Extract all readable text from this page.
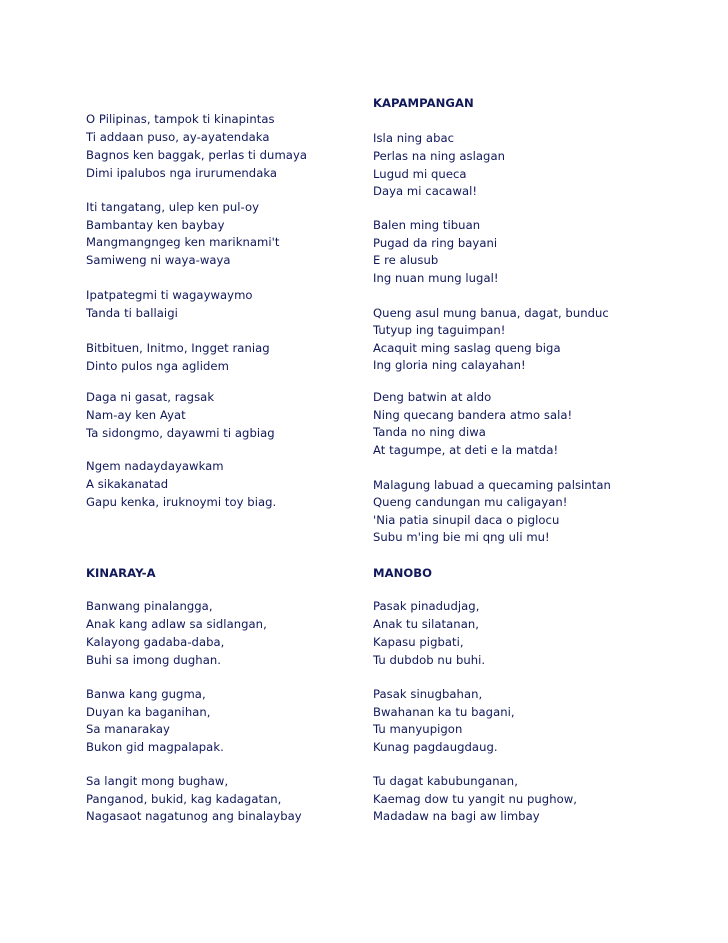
O Pilipinas, tampok ti kinapintas
Ti addaan puso, ay-ayatendaka
Bagnos ken baggak, perlas ti dumaya
Dimi ipalubos nga irurumendaka
Iti tangatang, ulep ken pul-oy
Bambantay ken baybay
Mangmangngeg ken mariknami't
Samiweng ni waya-waya
Ipatpategmi ti wagaywaymo
Tanda ti ballaigi
Bitbituen, Initmo, Ingget raniag
Dinto pulos nga aglidem
Daga ni gasat, ragsak
Nam-ay ken Ayat
Ta sidongmo, dayawmi ti agbiag
Ngem nadaydayawkam
A sikakanatad
Gapu kenka, iruknoymi toy biag.
KAPAMPANGAN
Isla ning abac
Perlas na ning aslagan
Lugud mi queca
Daya mi cacawal!
Balen ming tibuan
Pugad da ring bayani
E re alusub
Ing nuan mung lugal!
Queng asul mung banua, dagat, bunduc
Tutyup ing taguimpan!
Acaquit ming saslag queng biga
Ing gloria ning calayahan!
Deng batwin at aldo
Ning quecang bandera atmo sala!
Tanda no ning diwa
At tagumpe, at deti e la matda!
Malagung labuad a quecaming palsintan
Queng candungan mu caligayan!
'Nia patia sinupil daca o piglocu
Subu m'ing bie mi qng uli mu!
KINARAY-A
Banwang pinalangga,
Anak kang adlaw sa sidlangan,
Kalayong gadaba-daba,
Buhi sa imong dughan.
Banwa kang gugma,
Duyan ka baganihan,
Sa manarakay
Bukon gid magpalapak.
Sa langit mong bughaw,
Panganod, bukid, kag kadagatan,
Nagasaot nagatunog ang binalaybay
MANOBO
Pasak pinadudjag,
Anak tu silatanan,
Kapasu pigbati,
Tu dubdob nu buhi.
Pasak sinugbahan,
Bwahanan ka tu bagani,
Tu manyupigon
Kunag pagdaugdaug.
Tu dagat kabubunganan,
Kaemag dow tu yangit nu pughow,
Madadaw na bagi aw limbay
